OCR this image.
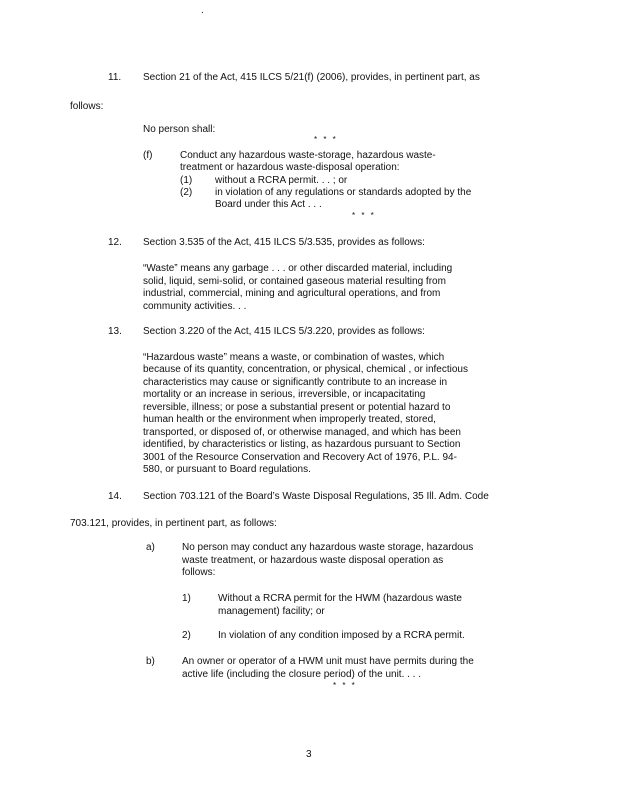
.
11. Section 21 of the Act, 415 ILCS 5/21(f) (2006), provides, in pertinent part, as
follows:
No person shall:
* * *
(f)	Conduct any hazardous waste-storage, hazardous waste-
treatment or hazardous waste-disposal operation:
(1) without a RCRA permit. . . ; or
(2) in violation of any regulations or standards adopted by the
Board under this Act . . .
* * *
12. Section 3.535 of the Act, 415 ILCS 5/3.535, provides as follows:
“Waste” means any garbage . . . or other discarded material, including
solid, liquid, semi-solid, or contained gaseous material resulting from
industrial, commercial, mining and agricultural operations, and from
community activities. . .
13. Section 3.220 of the Act, 415 ILCS 5/3.220, provides as follows:
“Hazardous waste” means a waste, or combination of wastes, which
because of its quantity, concentration, or physical, chemical , or infectious
characteristics may cause or significantly contribute to an increase in
mortality or an increase in serious, irreversible, or incapacitating
reversible, illness; or pose a substantial present or potential hazard to
human health or the environment when improperly treated, stored,
transported, or disposed of, or otherwise managed, and which has been
identified, by characteristics or listing, as hazardous pursuant to Section
3001 of the Resource Conservation and Recovery Act of 1976, P.L. 94-
580, or pursuant to Board regulations.
14. Section 703.121 of the Board’s Waste Disposal Regulations, 35 Ill. Adm. Code
703.121, provides, in pertinent part, as follows:
a)	No person may conduct any hazardous waste storage, hazardous
waste treatment, or hazardous waste disposal operation as
follows:
1)	Without a RCRA permit for the HWM (hazardous waste
management) facility; or
2)	In violation of any condition imposed by a RCRA permit.
b)	An owner or operator of a HWM unit must have permits during the
active life (including the closure period) of the unit. . . .
* * *
3
